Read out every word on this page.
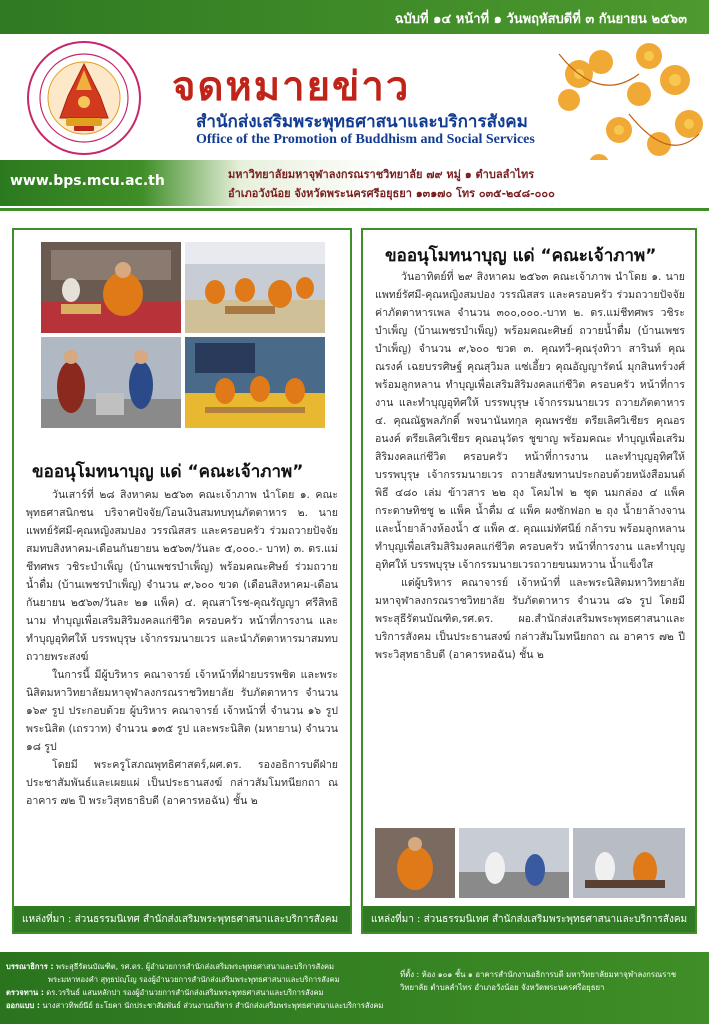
ฉบับที่ ๑๔ หน้าที่ ๑ วันพฤหัสบดีที่ ๓ กันยายน ๒๕๖๓
จดหมายข่าว
สำนักส่งเสริมพระพุทธศาสนาและบริการสังคม
Office of the Promotion of Buddhism and Social Services
www.bps.mcu.ac.th	มหาวิทยาลัยมหาจุฬาลงกรณราชวิทยาลัย ๗๙ หมู่ ๑ ตำบลลำไทร
อำเภอวังน้อย จังหวัดพระนครศรีอยุธยา ๑๓๑๗๐ โทร ๐๓๕-๒๔๘-๐๐๐
ขออนุโมทนาบุญ แด่ “คณะเจ้าภาพ”

วันเสาร์ที่ ๒๘ สิงหาคม ๒๕๖๓ คณะเจ้าภาพ นำโดย ๑. คณะพุทธศาสนิกชน บริจาคปัจจัย/โอนเงินสมทบทุนภัตตาหาร ๒. นายแพทย์รัศมี-คุณหญิงสมปอง วรรณิสสร และครอบครัว ร่วมถวายปัจจัยสมทบสิงหาคม-เดือนกันยายน ๒๕๖๓/วันละ ๕,๐๐๐.- บาท) ๓. ดร.แม่ชีทศพร วชิระบำเพ็ญ (บ้านเพชรบำเพ็ญ) พร้อมคณะศิษย์ ร่วมถวายน้ำดื่ม (บ้านเพชรบำเพ็ญ) จำนวน ๙,๖๐๐ ขวด (เดือนสิงหาคม-เดือนกันยายน ๒๕๖๓/วันละ ๒๑ แพ็ค) ๔. คุณสาโรช-คุณรัญญา ศรีสิทธินาม ทำบุญเพื่อเสริมสิริมงคลแก่ชีวิต ครอบครัว หน้าที่การงาน และทำบุญอุทิศให้ บรรพบุรุษ เจ้ากรรมนายเวร และนำภัตตาหารมาสมทบถวายพระสงฆ์

ในการนี้ มีผู้บริหาร คณาจารย์ เจ้าหน้าที่ฝ่ายบรรพชิต และพระนิสิตมหาวิทยาลัยมหาจุฬาลงกรณราชวิทยาลัย รับภัตตาหาร จำนวน ๑๖๙ รูป ประกอบด้วย ผู้บริหาร คณาจารย์ เจ้าหน้าที่ จำนวน ๑๖ รูปพระนิสิต (เถรวาท) จำนวน ๑๓๕ รูป และพระนิสิต (มหายาน) จำนวน ๑๘ รูป

โดยมี พระครูโสภณพุทธิศาสตร์,ผศ.ดร. รองอธิการบดีฝ่ายประชาสัมพันธ์และเผยแผ่ เป็นประธานสงฆ์ กล่าวสัมโมทนียกถา ณ อาคาร ๗๒ ปี พระวิสุทธาธิบดี (อาคารหอฉัน) ชั้น ๒

แหล่งที่มา : ส่วนธรรมนิเทศ สำนักส่งเสริมพระพุทธศาสนาและบริการสังคม
ขออนุโมทนาบุญ แด่ “คณะเจ้าภาพ”

วันอาทิตย์ที่ ๒๙ สิงหาคม ๒๕๖๓ คณะเจ้าภาพ นำโดย ๑. นายแพทย์รัศมี-คุณหญิงสมปอง วรรณิสสร และครอบครัว ร่วมถวายปัจจัยค่าภัตตาหารเพล จำนวน ๓๐๐,๐๐๐.-บาท ๒. ดร.แม่ชีทศพร วชิระบำเพ็ญ (บ้านเพชรบำเพ็ญ) พร้อมคณะศิษย์ ถวายน้ำดื่ม (บ้านเพชรบำเพ็ญ) จำนวน ๙,๖๐๐ ขวด ๓. คุณทวี-คุณรุ่งทิวา สารินท์ คุณณรงค์ เฉยบรรศิษฐ์ คุณสุวิมล แซ่เอี้ยว คุณอัญญารัตน์ มุกสินทร์วงศ์ พร้อมลูกหลาน ทำบุญเพื่อเสริมสิริมงคลแก่ชีวิต ครอบครัว หน้าที่การงาน และทำบุญอุทิศให้ บรรพบุรุษ เจ้ากรรมนายเวร ถวายภัตตาหาร ๔. คุณณัฐพลภักดิ์ พจนานันทกุล คุณพรชัย ตรียเลิศวิเชียร คุณอรอนงค์ ตรียเลิศวิเชียร คุณอนุวัตร ชูขาญ พร้อมคณะ ทำบุญเพื่อเสริมสิริมงคลแก่ชีวิต ครอบครัว หน้าที่การงาน และทำบุญอุทิศให้ บรรพบุรุษ เจ้ากรรมนายเวร ถวายสังฆทานประกอบด้วยหนังสือมนต์พิธี ๔๘๐ เล่ม ข้าวสาร ๒๒ ถุง โคมไฟ ๒ ชุด นมกล่อง ๔ แพ็ค กระดาษทิชชู ๒ แพ็ค น้ำดื่ม ๔ แพ็ค ผงซักฟอก ๒ ถุง น้ำยาล้างจาน และน้ำยาล้างห้องน้ำ ๕ แพ็ค ๕. คุณแม่ทัศนีย์ กล้ารบ พร้อมลูกหลาน ทำบุญเพื่อเสริมสิริมงคลแก่ชีวิต ครอบครัว หน้าที่การงาน และทำบุญอุทิศให้ บรรพบุรุษ เจ้ากรรมนายเวรถวายขนมหวาน น้ำแข็งใส

แด่ผู้บริหาร คณาจารย์ เจ้าหน้าที่ และพระนิสิตมหาวิทยาลัยมหาจุฬาลงกรณราชวิทยาลัย รับภัตตาหาร จำนวน ๘๖ รูป โดยมี พระสุธีรัตนบัณฑิต,รศ.ดร. ผอ.สำนักส่งเสริมพระพุทธศาสนาและบริการสังคม เป็นประธานสงฆ์ กล่าวสัมโมทนียกถา ณ อาคาร ๗๒ ปี พระวิสุทธาธิบดี (อาคารหอฉัน) ชั้น ๒

แหล่งที่มา : ส่วนธรรมนิเทศ สำนักส่งเสริมพระพุทธศาสนาและบริการสังคม
บรรณาธิการ : พระสุธีรัตนบัณฑิต, รศ.ดร. ผู้อำนวยการสำนักส่งเสริมพระพุทธศาสนาและบริการสังคม
พระมหาทองคำ สุทฺธปญฺโญ รองผู้อำนวยการสำนักส่งเสริมพระพุทธศาสนาและบริการสังคม
ตรวจทาน : ดร.วรรินธ์ แสนหลักปา รองผู้อำนวยการสำนักส่งเสริมพระพุทธศาสนาและบริการสังคม
ออกแบบ : นางสาวทิพย์นีย์ ธะโยคา นักประชาสัมพันธ์ ส่วนงานบริหาร สำนักส่งเสริมพระพุทธศาสนาและบริการสังคม
ที่ตั้ง : ห้อง ๑๐๑ ชั้น ๑ อาคารสำนักงานอธิการบดี มหาวิทยาลัยมหาจุฬาลงกรณราชวิทยาลัย ตำบลลำไทร อำเภอวังน้อย จังหวัดพระนครศรีอยุธยา
